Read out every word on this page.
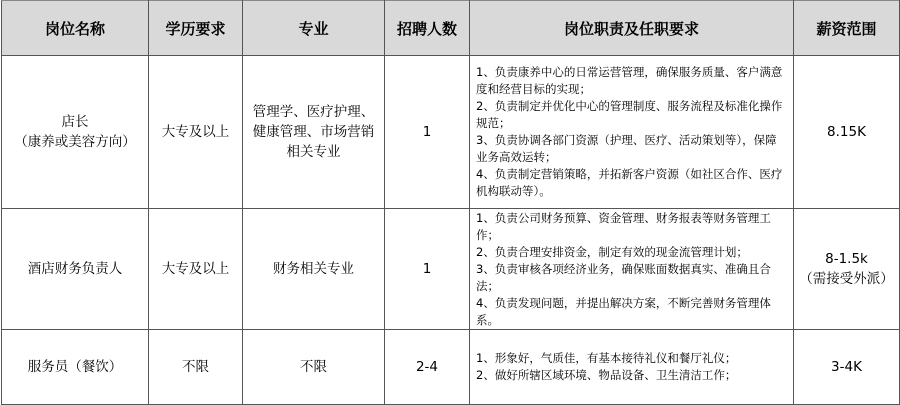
岗位名称	学历要求	专业	招聘人数	岗位职责及任职要求	薪资范围

店长
（康养或美容方向）	大专及以上	管理学、医疗护理、
健康管理、市场营销
相关专业	1	1、负责康养中心的日常运营管理，确保服务质量、客户满意度和经营目标的实现；
2、负责制定并优化中心的管理制度、服务流程及标准化操作规范；
3、负责协调各部门资源（护理、医疗、活动策划等），保障业务高效运转；
4、负责制定营销策略，并拓新客户资源（如社区合作、医疗机构联动等）。	8.15K

酒店财务负责人	大专及以上	财务相关专业	1	1、负责公司财务预算、资金管理、财务报表等财务管理工作；
2、负责合理安排资金，制定有效的现金流管理计划；
3、负责审核各项经济业务，确保账面数据真实、准确且合法；
4、负责发现问题，并提出解决方案，不断完善财务管理体系。	8-1.5k
（需接受外派）

服务员（餐饮）	不限	不限	2-4	1、形象好，气质佳，有基本接待礼仪和餐厅礼仪；
2、做好所辖区域环境、物品设备、卫生清洁工作；	3-4K
